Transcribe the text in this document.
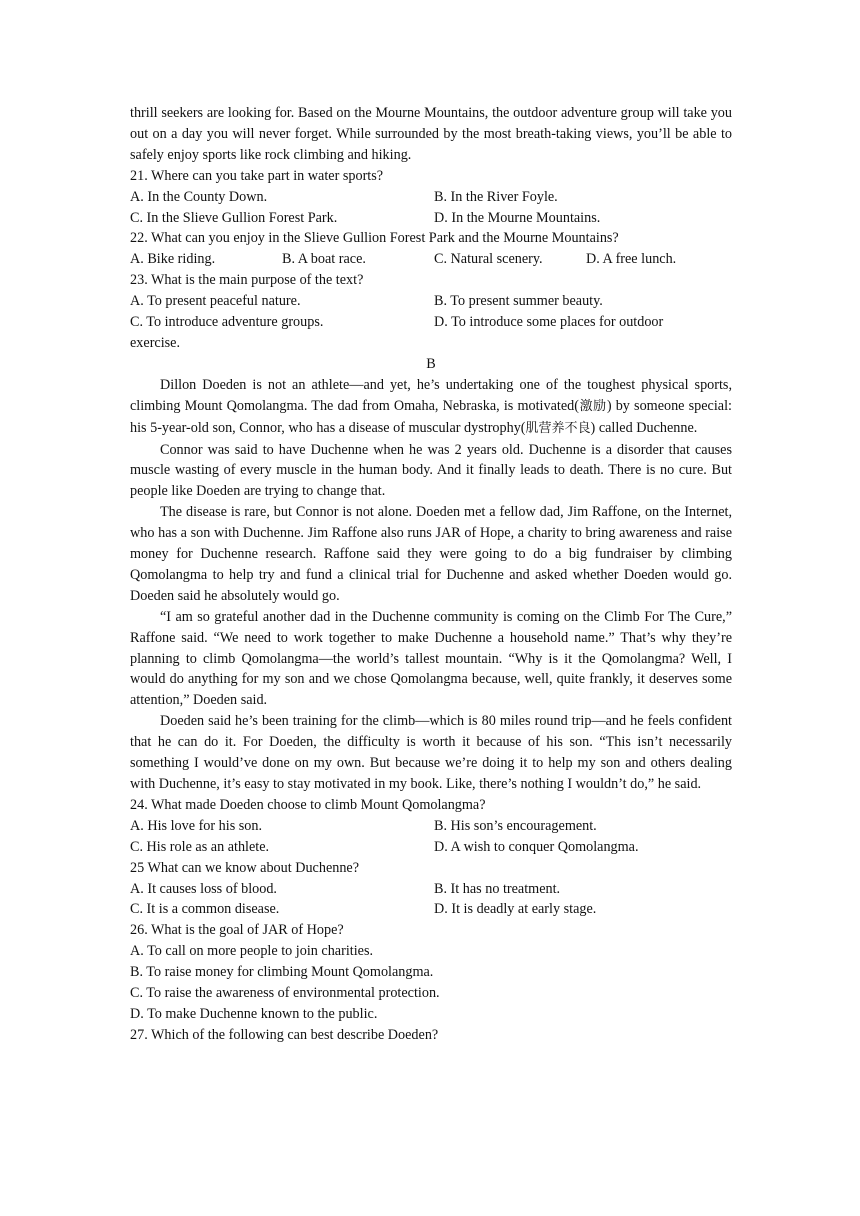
thrill seekers are looking for. Based on the Mourne Mountains, the outdoor adventure group will take you out on a day you will never forget. While surrounded by the most breath-taking views, you’ll be able to safely enjoy sports like rock climbing and hiking.

21. Where can you take part in water sports?

A. In the County Down.	B. In the River Foyle.
C. In the Slieve Gullion Forest Park.	D. In the Mourne Mountains.

22. What can you enjoy in the Slieve Gullion Forest Park and the Mourne Mountains?

A. Bike riding.	B. A boat race.	C. Natural scenery.	D. A free lunch.

23. What is the main purpose of the text?

A. To present peaceful nature.	B. To present summer beauty.
C. To introduce adventure groups.	D. To introduce some places for outdoor

exercise.

B

Dillon Doeden is not an athlete—and yet, he’s undertaking one of the toughest physical sports, climbing Mount Qomolangma. The dad from Omaha, Nebraska, is motivated(激励) by someone special: his 5-year-old son, Connor, who has a disease of muscular dystrophy(肌营养不良) called Duchenne.

Connor was said to have Duchenne when he was 2 years old. Duchenne is a disorder that causes muscle wasting of every muscle in the human body. And it finally leads to death. There is no cure. But people like Doeden are trying to change that.

The disease is rare, but Connor is not alone. Doeden met a fellow dad, Jim Raffone, on the Internet, who has a son with Duchenne. Jim Raffone also runs JAR of Hope, a charity to bring awareness and raise money for Duchenne research. Raffone said they were going to do a big fundraiser by climbing Qomolangma to help try and fund a clinical trial for Duchenne and asked whether Doeden would go. Doeden said he absolutely would go.

“I am so grateful another dad in the Duchenne community is coming on the Climb For The Cure,” Raffone said. “We need to work together to make Duchenne a household name.” That’s why they’re planning to climb Qomolangma—the world’s tallest mountain. “Why is it the Qomolangma? Well, I would do anything for my son and we chose Qomolangma because, well, quite frankly, it deserves some attention,” Doeden said.

Doeden said he’s been training for the climb—which is 80 miles round trip—and he feels confident that he can do it. For Doeden, the difficulty is worth it because of his son. “This isn’t necessarily something I would’ve done on my own. But because we’re doing it to help my son and others dealing with Duchenne, it’s easy to stay motivated in my book. Like, there’s nothing I wouldn’t do,” he said.

24. What made Doeden choose to climb Mount Qomolangma?

A. His love for his son.	B. His son’s encouragement.
C. His role as an athlete.	D. A wish to conquer Qomolangma.

25 What can we know about Duchenne?

A. It causes loss of blood.	B. It has no treatment.
C. It is a common disease.	D. It is deadly at early stage.

26. What is the goal of JAR of Hope?

A. To call on more people to join charities.

B. To raise money for climbing Mount Qomolangma.

C. To raise the awareness of environmental protection.

D. To make Duchenne known to the public.

27. Which of the following can best describe Doeden?
